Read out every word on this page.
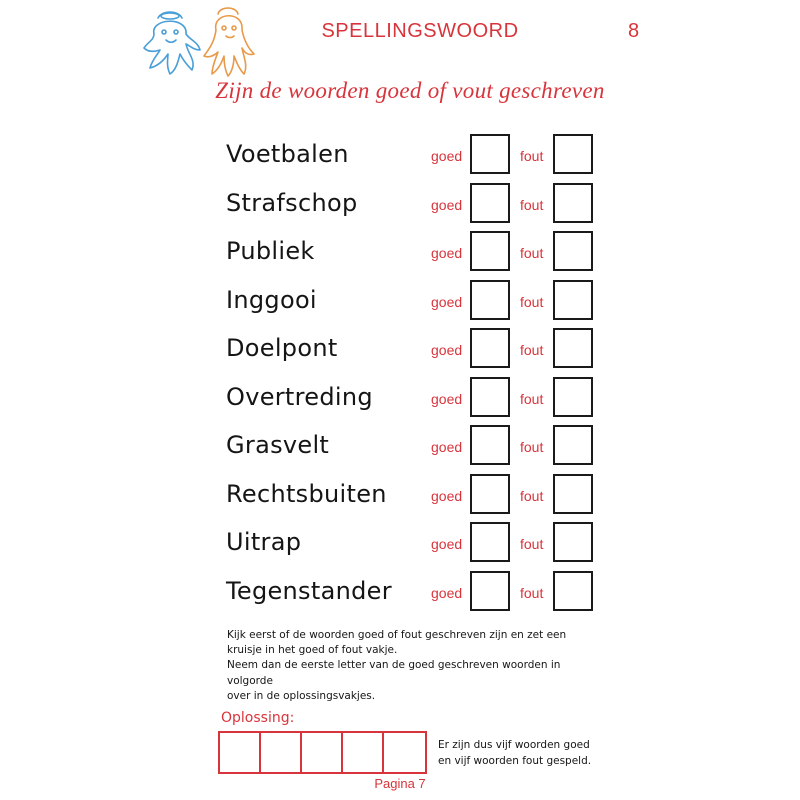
SPELLINGSWOORD	8
Zijn de woorden goed of vout geschreven
Voetbalen	goed	fout
Strafschop	goed	fout
Publiek	goed	fout
Inggooi	goed	fout
Doelpont	goed	fout
Overtreding	goed	fout
Grasvelt	goed	fout
Rechtsbuiten	goed	fout
Uitrap	goed	fout
Tegenstander	goed	fout

Kijk eerst of de woorden goed of fout geschreven zijn en zet een

kruisje in het goed of fout vakje.

Neem dan de eerste letter van de goed geschreven woorden in volgorde

over in de oplossingsvakjes.

Oplossing:

Er zijn dus vijf woorden goed

en vijf woorden fout gespeld.

Pagina 7
